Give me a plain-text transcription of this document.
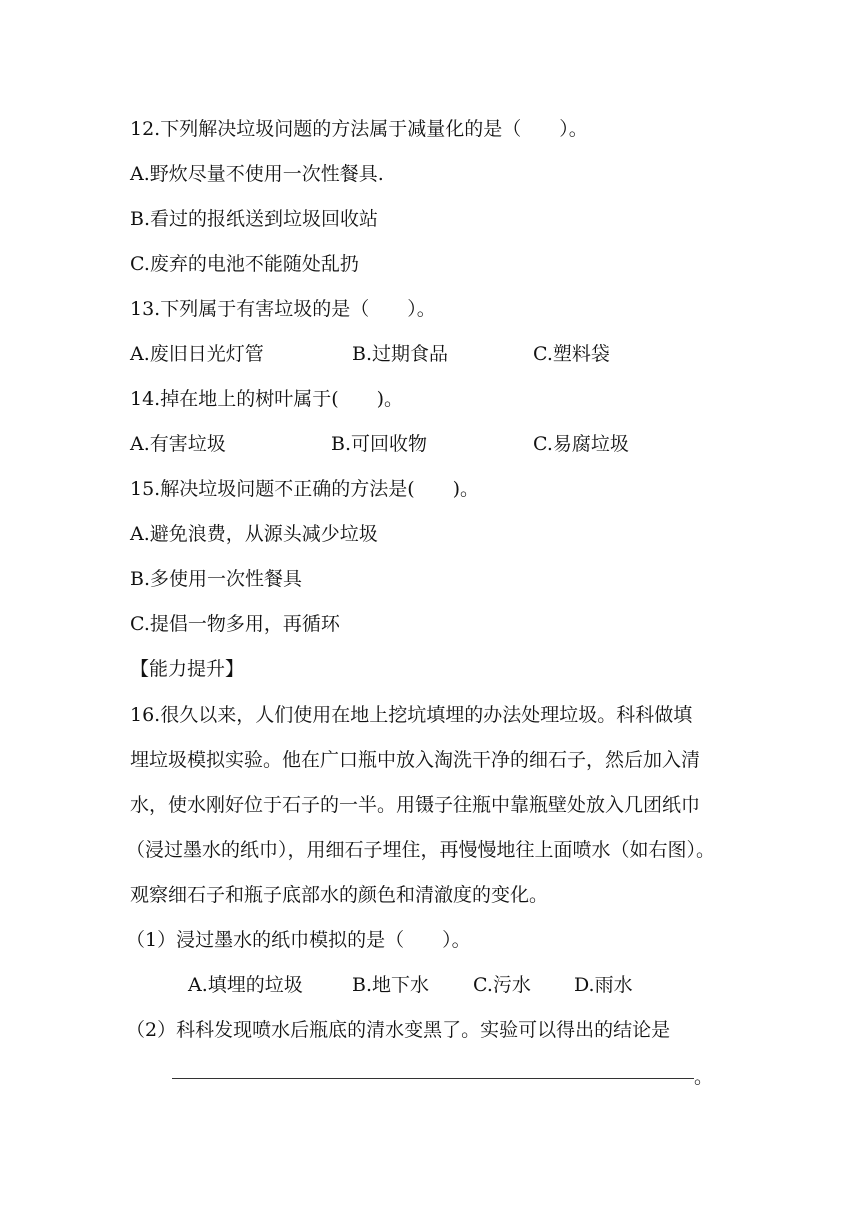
12.下列解决垃圾问题的方法属于减量化的是（　　）。
A.野炊尽量不使用一次性餐具.
B.看过的报纸送到垃圾回收站
C.废弃的电池不能随处乱扔
13.下列属于有害垃圾的是（　　）。
A.废旧日光灯管	B.过期食品	C.塑料袋
14.掉在地上的树叶属于(　　)。
A.有害垃圾	B.可回收物	C.易腐垃圾
15.解决垃圾问题不正确的方法是(　　)。
A.避免浪费，从源头减少垃圾
B.多使用一次性餐具
C.提倡一物多用，再循环
【能力提升】
16.很久以来，人们使用在地上挖坑填埋的办法处理垃圾。科科做填
埋垃圾模拟实验。他在广口瓶中放入淘洗干净的细石子，然后加入清
水，使水刚好位于石子的一半。用镊子往瓶中靠瓶壁处放入几团纸巾
（浸过墨水的纸巾），用细石子埋住，再慢慢地往上面喷水（如右图）。
观察细石子和瓶子底部水的颜色和清澈度的变化。
（1）浸过墨水的纸巾模拟的是（　　）。
A.填埋的垃圾	B.地下水 C.污水 D.雨水
（2）科科发现喷水后瓶底的清水变黑了。实验可以得出的结论是
。
